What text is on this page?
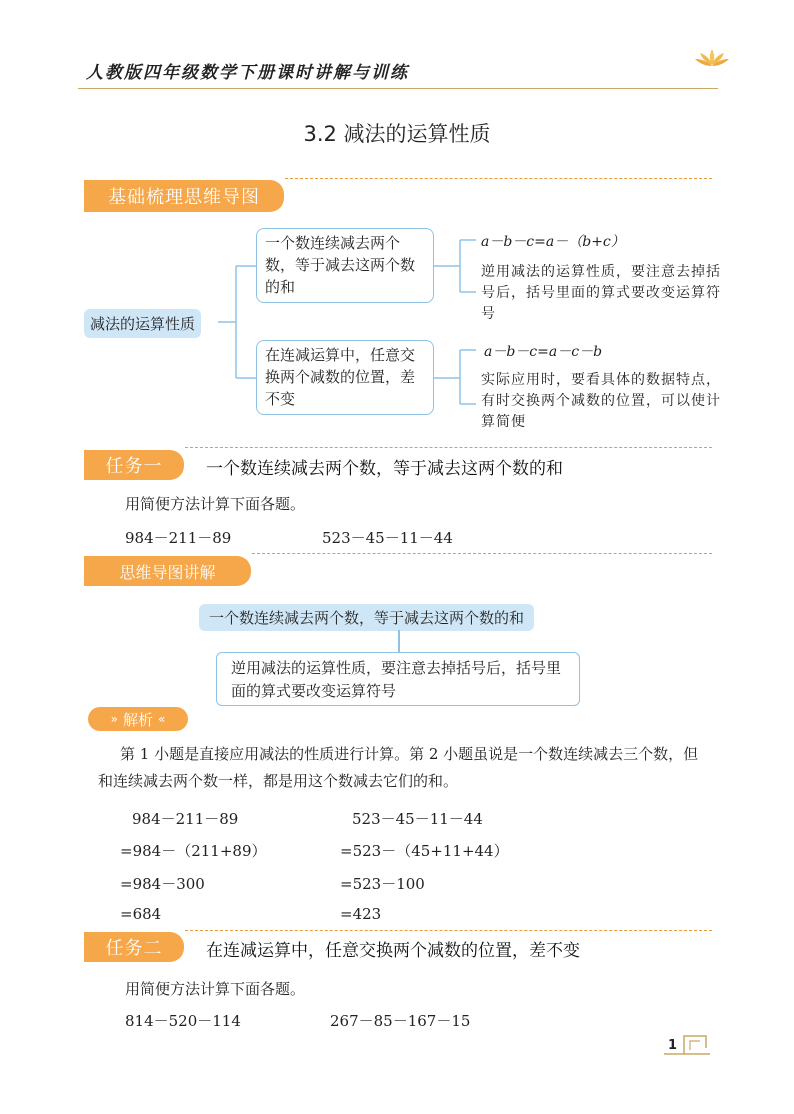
人教版四年级数学下册课时讲解与训练
3.2 减法的运算性质
基础梳理思维导图
减法的运算性质
一个数连续减去两个数，等于减去这两个数的和
在连减运算中，任意交换两个减数的位置，差不变
a－b－c=a－（b+c）
逆用减法的运算性质，要注意去掉括号后，括号里面的算式要改变运算符号
a－b－c=a－c－b
实际应用时，要看具体的数据特点，有时交换两个减数的位置，可以使计算简便
任务一	一个数连续减去两个数，等于减去这两个数的和
用简便方法计算下面各题。
984－211－89	523－45－11－44
思维导图讲解
一个数连续减去两个数，等于减去这两个数的和
逆用减法的运算性质，要注意去掉括号后，括号里面的算式要改变运算符号
» 解析 «
第 1 小题是直接应用减法的性质进行计算。第 2 小题虽说是一个数连续减去三个数，但和连续减去两个数一样，都是用这个数减去它们的和。
984－211－89
=984－（211+89）
=984－300
=684
523－45－11－44
=523－（45+11+44）
=523－100
=423
任务二	在连减运算中，任意交换两个减数的位置，差不变
用简便方法计算下面各题。
814－520－114	267－85－167－15
1
